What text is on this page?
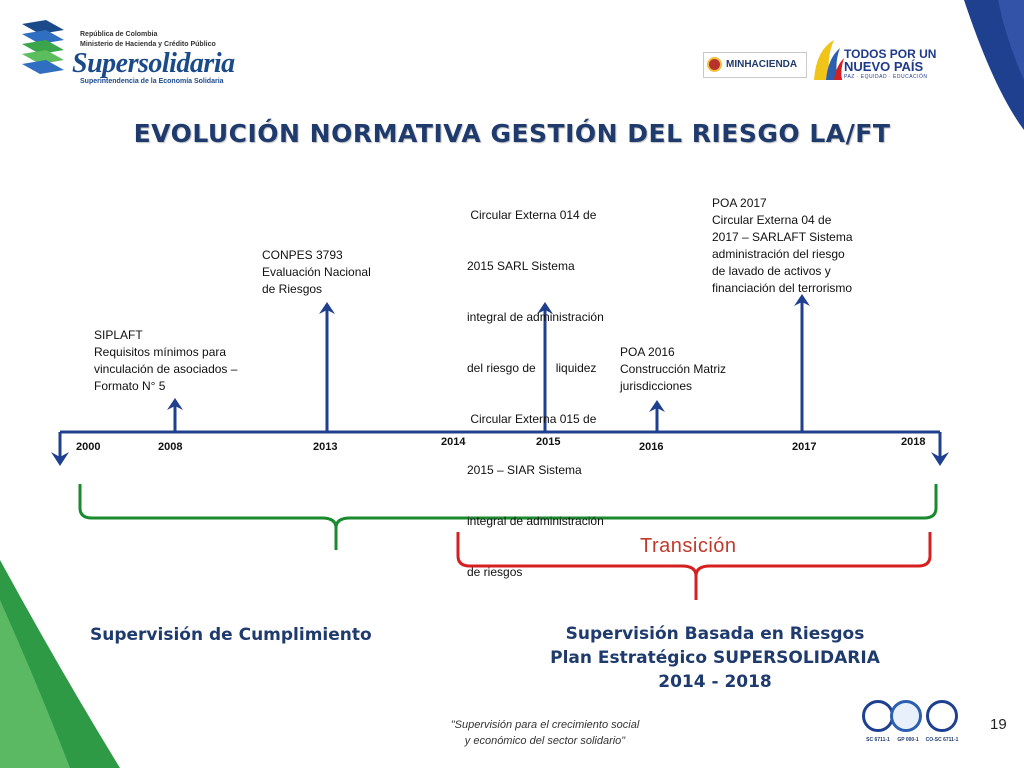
República de Colombia
Ministerio de Hacienda y Crédito Público
Supersolidaria
Superintendencia de la Economía Solidaria
MINHACIENDA
TODOS POR UN
NUEVO PAÍS
PAZ · EQUIDAD · EDUCACIÓN
EVOLUCIÓN NORMATIVA GESTIÓN DEL RIESGO LA/FT
2000	2008	2013	2014	2015	2016	2017	2018
SIPLAFT
Requisitos mínimos para
vinculación de asociados –
Formato N° 5
CONPES 3793
Evaluación Nacional
de Riesgos

Circular Externa 014 de

2015 SARL Sistema

integral de administración

del riesgo de      liquidez

Circular Externa 015 de

2015 – SIAR Sistema

integral de administración

de riesgos

POA 2016
Construcción Matriz
jurisdicciones
POA 2017
Circular Externa 04 de
2017 – SARLAFT Sistema
administración del riesgo
de lavado de activos y
financiación del terrorismo
Transición
Supervisión de Cumplimiento	Supervisión Basada en Riesgos
Plan Estratégico SUPERSOLIDARIA
2014 - 2018
"Supervisión para el crecimiento social
y económico del sector solidario"	SC 6711-1	GP 000-1	CO-SC 6711-1
19
